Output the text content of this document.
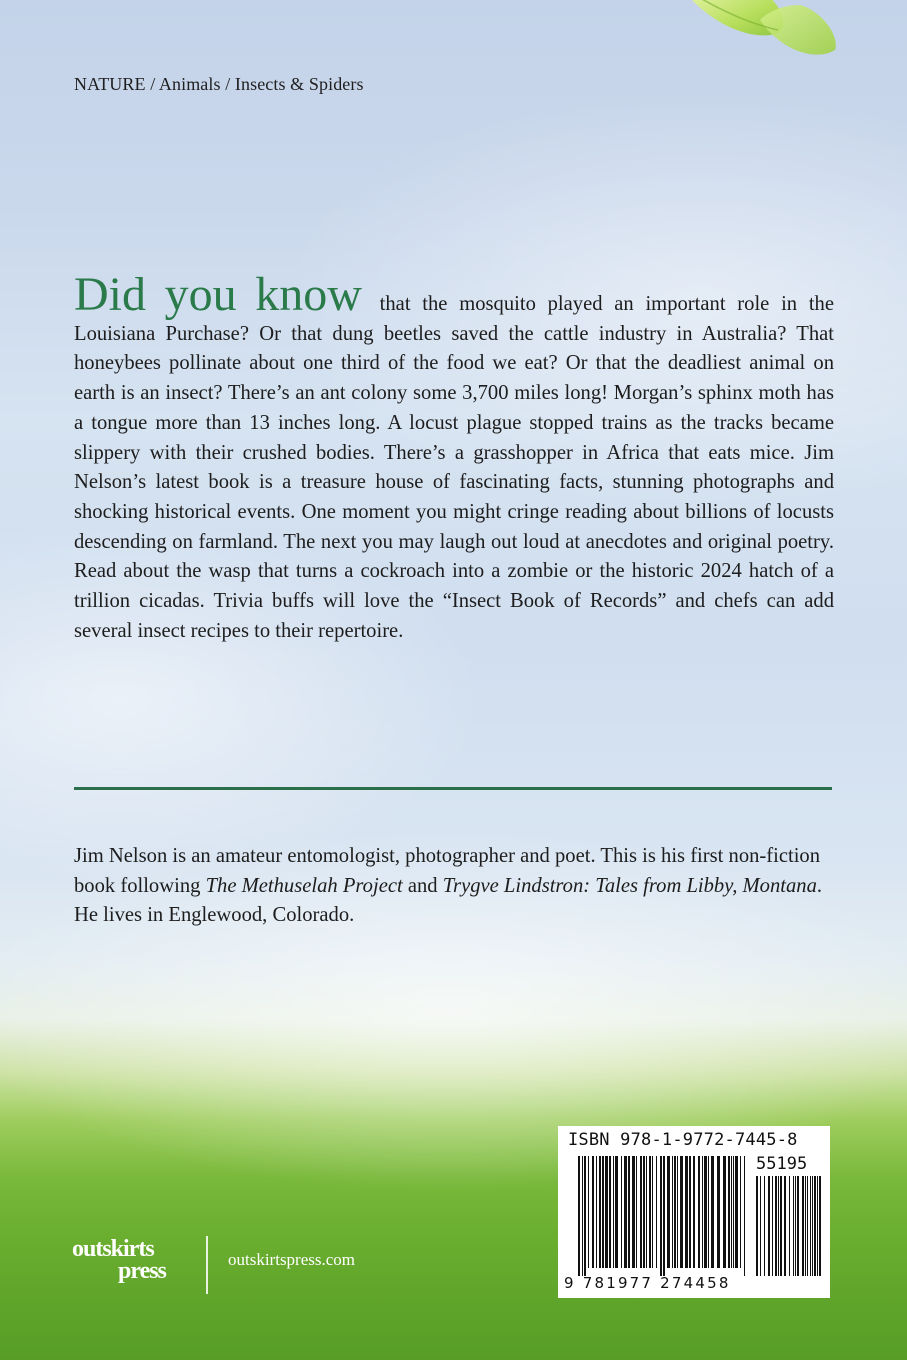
NATURE / Animals / Insects & Spiders
Did you know that the mosquito played an important role in the Louisiana Purchase? Or that dung beetles saved the cattle industry in Australia? That honeybees pollinate about one third of the food we eat? Or that the deadliest animal on earth is an insect? There’s an ant colony some 3,700 miles long! Morgan’s sphinx moth has a tongue more than 13 inches long. A locust plague stopped trains as the tracks became slippery with their crushed bodies. There’s a grasshopper in Africa that eats mice. Jim Nelson’s latest book is a treasure house of fascinating facts, stunning photographs and shocking historical events. One moment you might cringe reading about billions of locusts descending on farmland. The next you may laugh out loud at anecdotes and original poetry. Read about the wasp that turns a cockroach into a zombie or the historic 2024 hatch of a trillion cicadas. Trivia buffs will love the “Insect Book of Records” and chefs can add several insect recipes to their repertoire.
Jim Nelson is an amateur entomologist, photographer and poet. This is his first non-fiction book following The Methuselah Project and Trygve Lindstron: Tales from Libby, Montana. He lives in Englewood, Colorado.
ISBN 978-1-9772-7445-8
55195
9 781977 274458
outskirts
press	outskirtspress.com
